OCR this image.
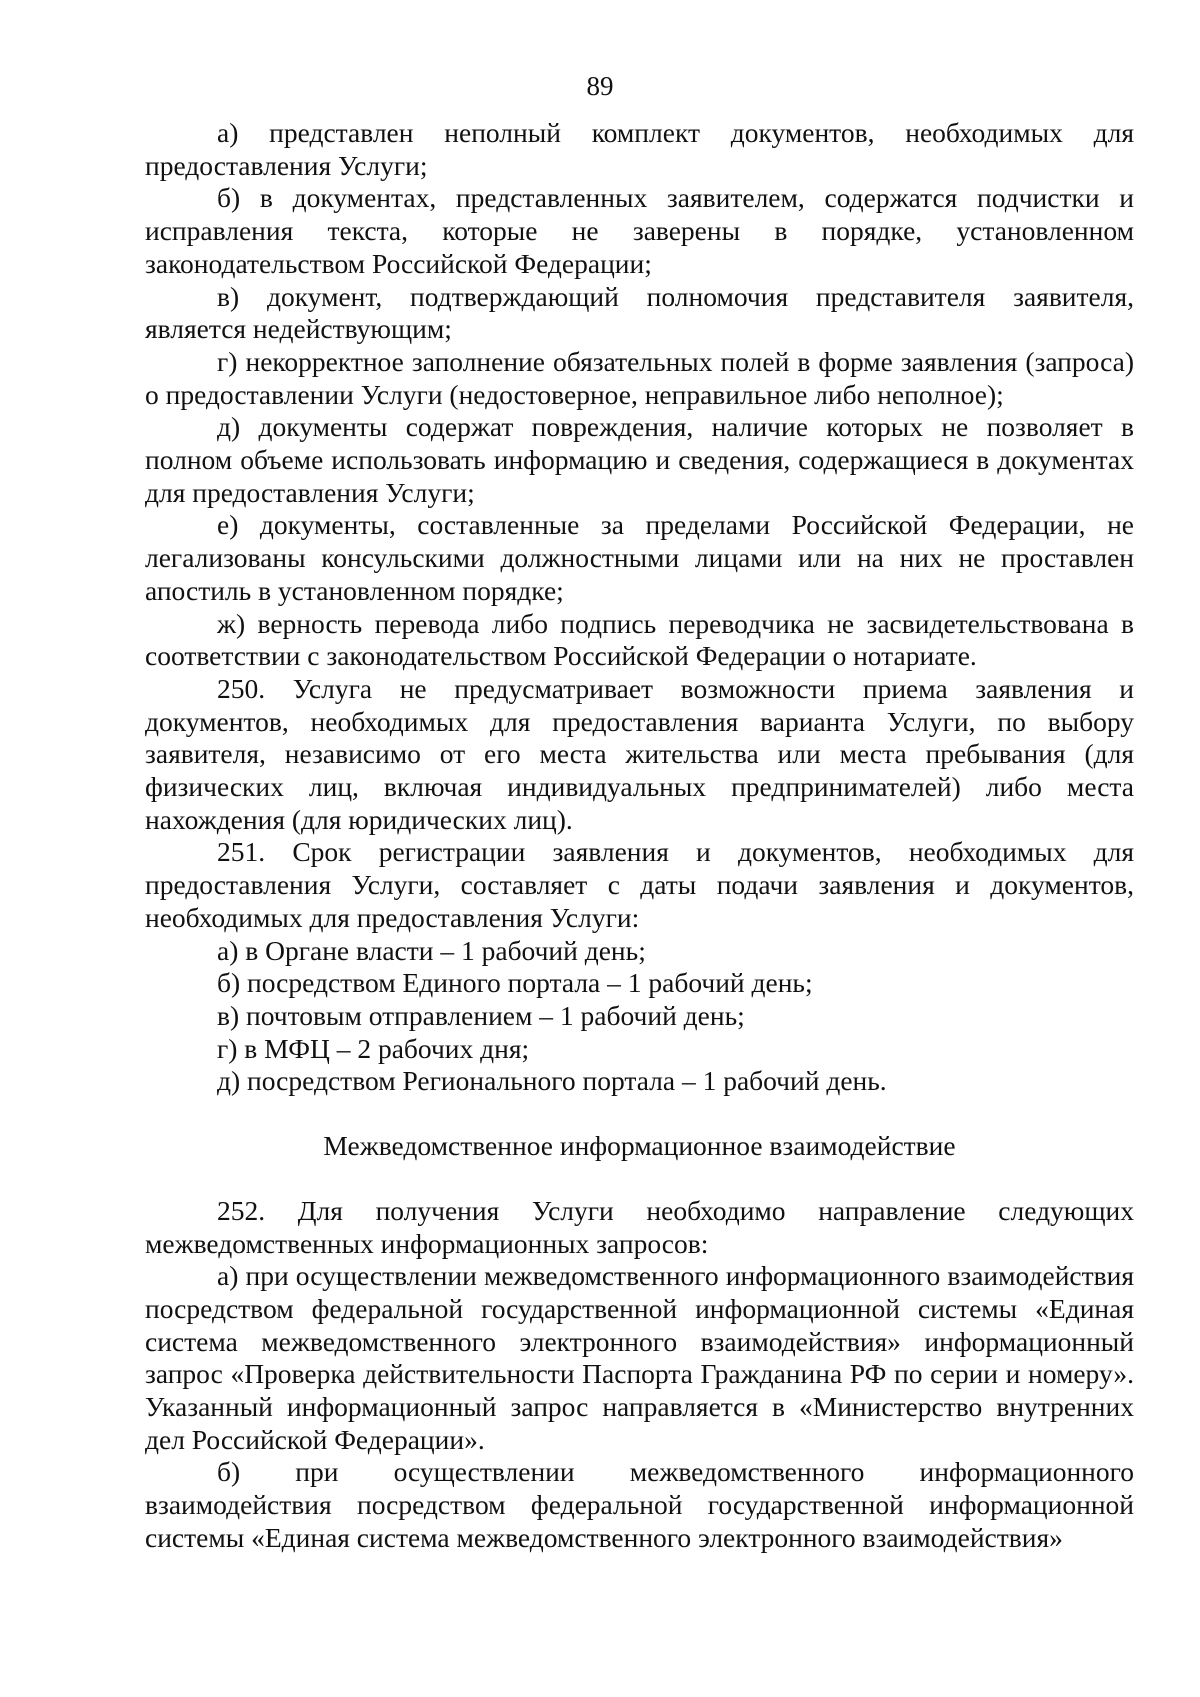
89

а) представлен неполный комплект документов, необходимых для предоставления Услуги;

б) в документах, представленных заявителем, содержатся подчистки и исправления текста, которые не заверены в порядке, установленном законодательством Российской Федерации;

в) документ, подтверждающий полномочия представителя заявителя, является недействующим;

г) некорректное заполнение обязательных полей в форме заявления (запроса) о предоставлении Услуги (недостоверное, неправильное либо неполное);

д) документы содержат повреждения, наличие которых не позволяет в полном объеме использовать информацию и сведения, содержащиеся в документах для предоставления Услуги;

е) документы, составленные за пределами Российской Федерации, не легализованы консульскими должностными лицами или на них не проставлен апостиль в установленном порядке;

ж) верность перевода либо подпись переводчика не засвидетельствована в соответствии с законодательством Российской Федерации о нотариате.

250. Услуга не предусматривает возможности приема заявления и документов, необходимых для предоставления варианта Услуги, по выбору заявителя, независимо от его места жительства или места пребывания (для физических лиц, включая индивидуальных предпринимателей) либо места нахождения (для юридических лиц).

251. Срок регистрации заявления и документов, необходимых для предоставления Услуги, составляет с даты подачи заявления и документов, необходимых для предоставления Услуги:

а) в Органе власти – 1 рабочий день;

б) посредством Единого портала – 1 рабочий день;

в) почтовым отправлением – 1 рабочий день;

г) в МФЦ – 2 рабочих дня;

д) посредством Регионального портала – 1 рабочий день.

Межведомственное информационное взаимодействие

252. Для получения Услуги необходимо направление следующих межведомственных информационных запросов:

а) при осуществлении межведомственного информационного взаимодействия посредством федеральной государственной информационной системы «Единая система межведомственного электронного взаимодействия» информационный запрос «Проверка действительности Паспорта Гражданина РФ по серии и номеру». Указанный информационный запрос направляется в «Министерство внутренних дел Российской Федерации».

б) при осуществлении межведомственного информационного взаимодействия посредством федеральной государственной информационной системы «Единая система межведомственного электронного взаимодействия»
